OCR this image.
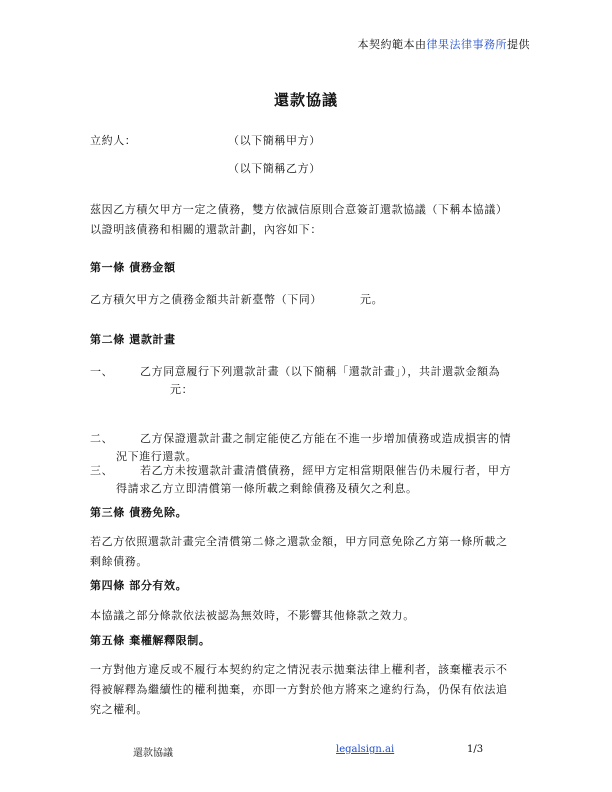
本契約範本由律果法律事務所提供
還款協議
立約人：	（以下簡稱甲方）
（以下簡稱乙方）
茲因乙方積欠甲方一定之債務，雙方依誠信原則合意簽訂還款協議（下稱本協議）
以證明該債務和相關的還款計劃，內容如下：
第一條 債務金額
乙方積欠甲方之債務金額共計新臺幣（下同）	元。
第二條 還款計畫
一、 乙方同意履行下列還款計畫（以下簡稱「還款計畫」），共計還款金額為
元：
二、 乙方保證還款計畫之制定能使乙方能在不進一步增加債務或造成損害的情
況下進行還款。
三、 若乙方未按還款計畫清償債務，經甲方定相當期限催告仍未履行者，甲方
得請求乙方立即清償第一條所載之剩餘債務及積欠之利息。
第三條 債務免除。
若乙方依照還款計畫完全清償第二條之還款金額，甲方同意免除乙方第一條所載之
剩餘債務。
第四條 部分有效。
本協議之部分條款依法被認為無效時，不影響其他條款之效力。
第五條 棄權解釋限制。
一方對他方違反或不履行本契約約定之情況表示拋棄法律上權利者，該棄權表示不
得被解釋為繼續性的權利拋棄，亦即一方對於他方將來之違約行為，仍保有依法追
究之權利。
還款協議	legalsign.ai	1/3
